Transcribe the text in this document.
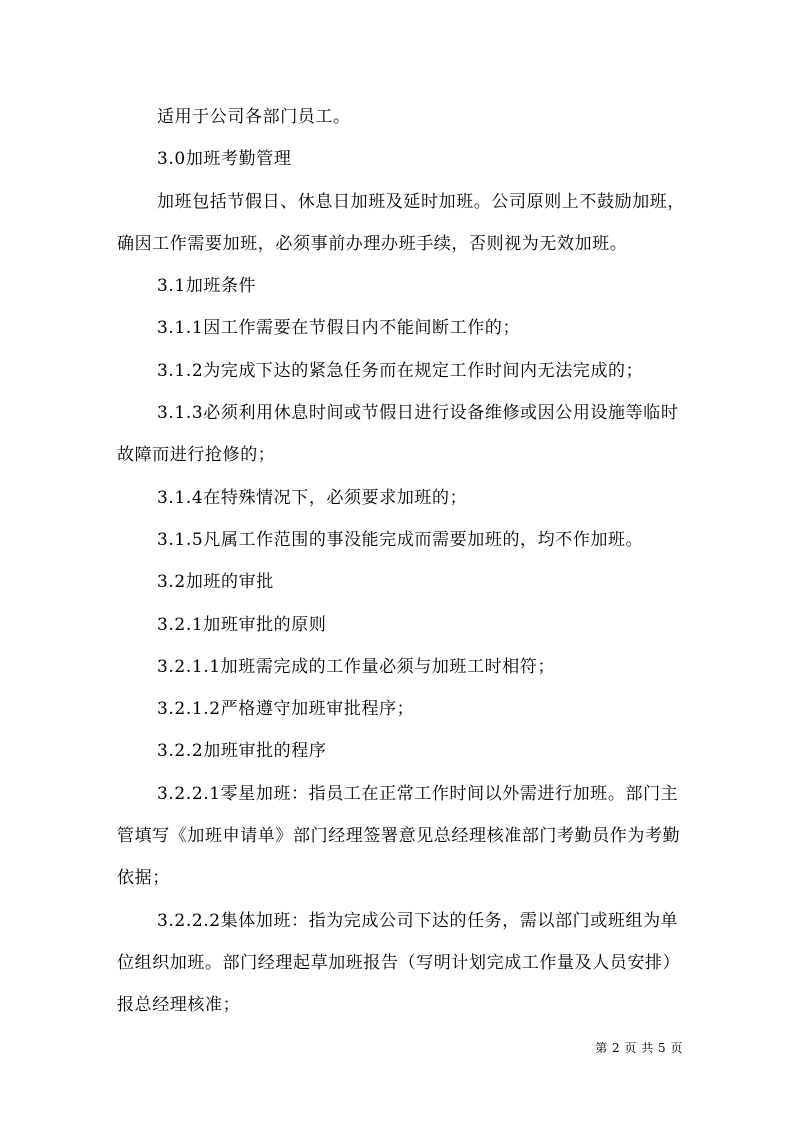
适用于公司各部门员工。

3.0加班考勤管理

加班包括节假日、休息日加班及延时加班。公司原则上不鼓励加班，确因工作需要加班，必须事前办理办班手续，否则视为无效加班。

3.1加班条件

3.1.1因工作需要在节假日内不能间断工作的；

3.1.2为完成下达的紧急任务而在规定工作时间内无法完成的；

3.1.3必须利用休息时间或节假日进行设备维修或因公用设施等临时故障而进行抢修的；

3.1.4在特殊情况下，必须要求加班的；

3.1.5凡属工作范围的事没能完成而需要加班的，均不作加班。

3.2加班的审批

3.2.1加班审批的原则

3.2.1.1加班需完成的工作量必须与加班工时相符；

3.2.1.2严格遵守加班审批程序；

3.2.2加班审批的程序

3.2.2.1零星加班：指员工在正常工作时间以外需进行加班。部门主管填写《加班申请单》部门经理签署意见总经理核准部门考勤员作为考勤依据；

3.2.2.2集体加班：指为完成公司下达的任务，需以部门或班组为单位组织加班。部门经理起草加班报告（写明计划完成工作量及人员安排）报总经理核准；

第 2 页 共 5 页
